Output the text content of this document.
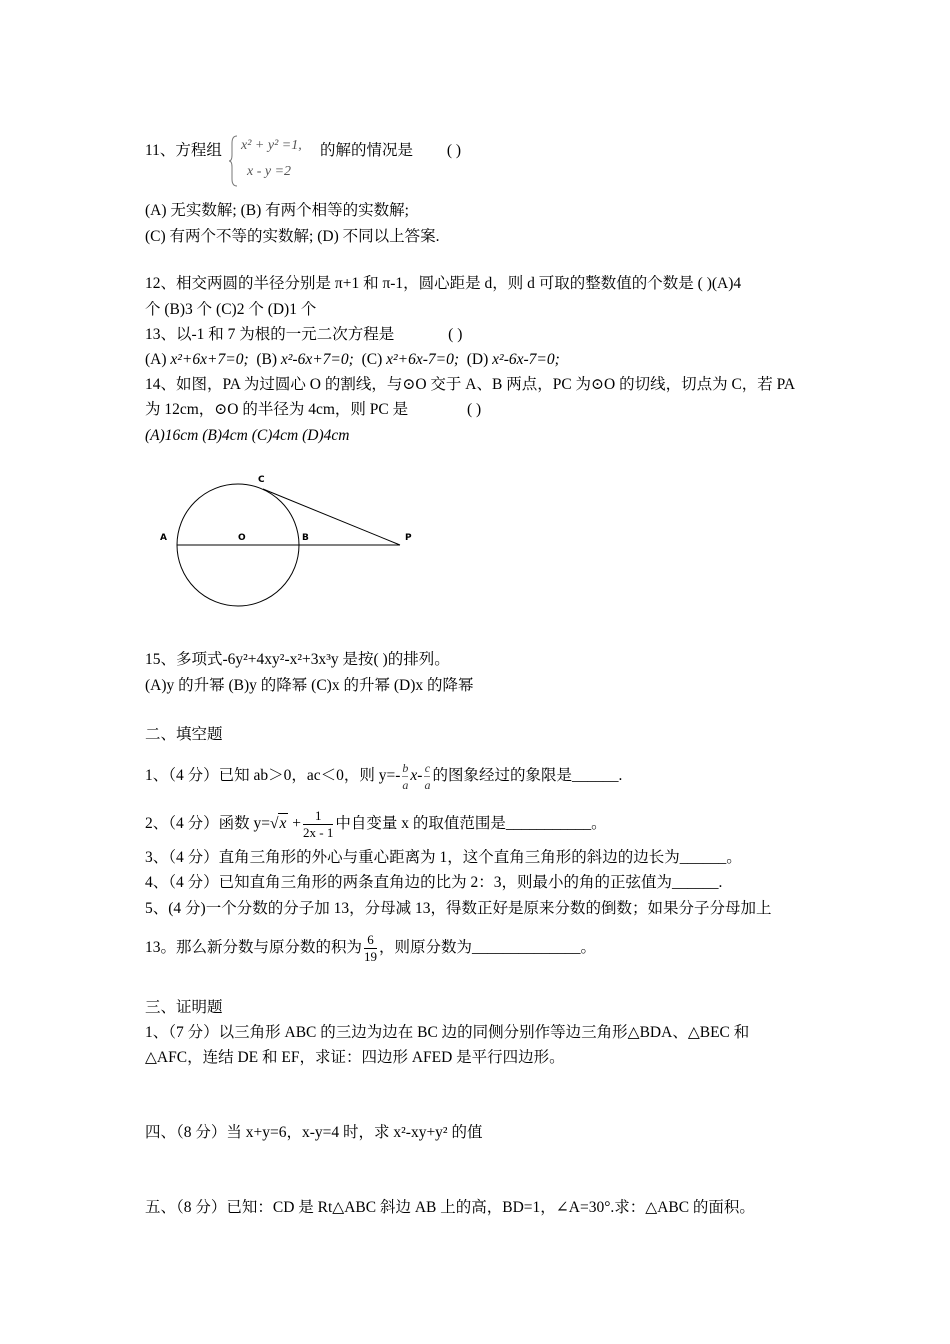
11、方程组 x² + y² =1,
x - y =2
的解的情况是 ( )
(A) 无实数解; (B) 有两个相等的实数解;
(C) 有两个不等的实数解; (D) 不同以上答案.
12、相交两圆的半径分别是 π+1 和 π-1，圆心距是 d，则 d 可取的整数值的个数是 ( )(A)4
个 (B)3 个 (C)2 个 (D)1 个
13、以-1 和 7 为根的一元二次方程是	( )
(A) x²+6x+7=0; (B) x²-6x+7=0; (C) x²+6x-7=0; (D) x²-6x-7=0;
14、如图，PA 为过圆心 O 的割线，与⊙O 交于 A、B 两点，PC 为⊙O 的切线，切点为 C，若 PA
为 12cm，⊙O 的半径为 4cm，则 PC 是	( )
(A)16cm (B)4cm (C)4cm (D)4cm
C
A	O	B	P
15、多项式-6y²+4xy²-x²+3x³y 是按( )的排列。
(A)y 的升幂 (B)y 的降幂 (C)x 的升幂 (D)x 的降幂
二、填空题
1、（4 分）已知 ab＞0，ac＜0，则 $y=- \frac{b}{a} x- \frac{c}{a}$ 的图象经过的象限是______.
2、（4 分）函数 $y=√x + \frac{1}{2x - 1}$ 中自变量 x 的取值范围是___________。
3、（4 分）直角三角形的外心与重心距离为 1，这个直角三角形的斜边的边长为______。
4、（4 分）已知直角三角形的两条直角边的比为 2：3，则最小的角的正弦值为______.
5、(4 分)一个分数的分子加 13，分母减 13，得数正好是原来分数的倒数；如果分子分母加上
13。那么新分数与原分数的积为 $\frac{6}{19}$ ，则原分数为______________。
三、证明题
1、（7 分）以三角形 ABC 的三边为边在 BC 边的同侧分别作等边三角形△BDA、△BEC 和
△AFC，连结 DE 和 EF，求证：四边形 AFED 是平行四边形。
四、（8 分）当 x+y=6，x-y=4 时，求 x²-xy+y² 的值
五、（8 分）已知：CD 是 Rt△ABC 斜边 AB 上的高，BD=1，∠A=30°.求：△ABC 的面积。
